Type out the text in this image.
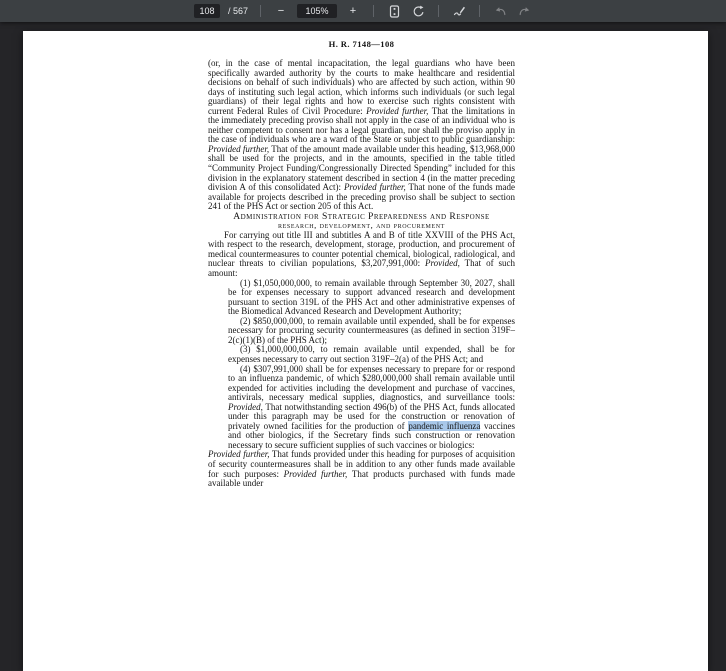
108
/ 567	−	105%	+
H. R. 7148—108

(or, in the case of mental incapacitation, the legal guardians who have been specifically awarded authority by the courts to make healthcare and residential decisions on behalf of such individuals) who are affected by such action, within 90 days of instituting such legal action, which informs such individuals (or such legal guardians) of their legal rights and how to exercise such rights consistent with current Federal Rules of Civil Procedure: Provided further, That the limitations in the immediately preceding proviso shall not apply in the case of an individual who is neither competent to consent nor has a legal guardian, nor shall the proviso apply in the case of individuals who are a ward of the State or subject to public guardianship: Provided further, That of the amount made available under this heading, $13,968,000 shall be used for the projects, and in the amounts, specified in the table titled “Community Project Funding/Congressionally Directed Spending” included for this division in the explanatory statement described in section 4 (in the matter preceding division A of this consolidated Act): Provided further, That none of the funds made available for projects described in the preceding proviso shall be subject to section 241 of the PHS Act or section 205 of this Act.

Administration for Strategic Preparedness and Response

research, development, and procurement

For carrying out title III and subtitles A and B of title XXVIII of the PHS Act, with respect to the research, development, storage, production, and procurement of medical countermeasures to counter potential chemical, biological, radiological, and nuclear threats to civilian populations, $3,207,991,000: Provided, That of such amount:

(1) $1,050,000,000, to remain available through September 30, 2027, shall be for expenses necessary to support advanced research and development pursuant to section 319L of the PHS Act and other administrative expenses of the Biomedical Advanced Research and Development Authority;

(2) $850,000,000, to remain available until expended, shall be for expenses necessary for procuring security countermeasures (as defined in section 319F–2(c)(1)(B) of the PHS Act);

(3) $1,000,000,000, to remain available until expended, shall be for expenses necessary to carry out section 319F–2(a) of the PHS Act; and

(4) $307,991,000 shall be for expenses necessary to prepare for or respond to an influenza pandemic, of which $280,000,000 shall remain available until expended for activities including the development and purchase of vaccines, antivirals, necessary medical supplies, diagnostics, and surveillance tools: Provided, That notwithstanding section 496(b) of the PHS Act, funds allocated under this paragraph may be used for the construction or renovation of privately owned facilities for the production of pandemic influenza vaccines and other biologics, if the Secretary finds such construction or renovation necessary to secure sufficient supplies of such vaccines or biologics:

Provided further, That funds provided under this heading for purposes of acquisition of security countermeasures shall be in addition to any other funds made available for such purposes: Provided further, That products purchased with funds made available under
